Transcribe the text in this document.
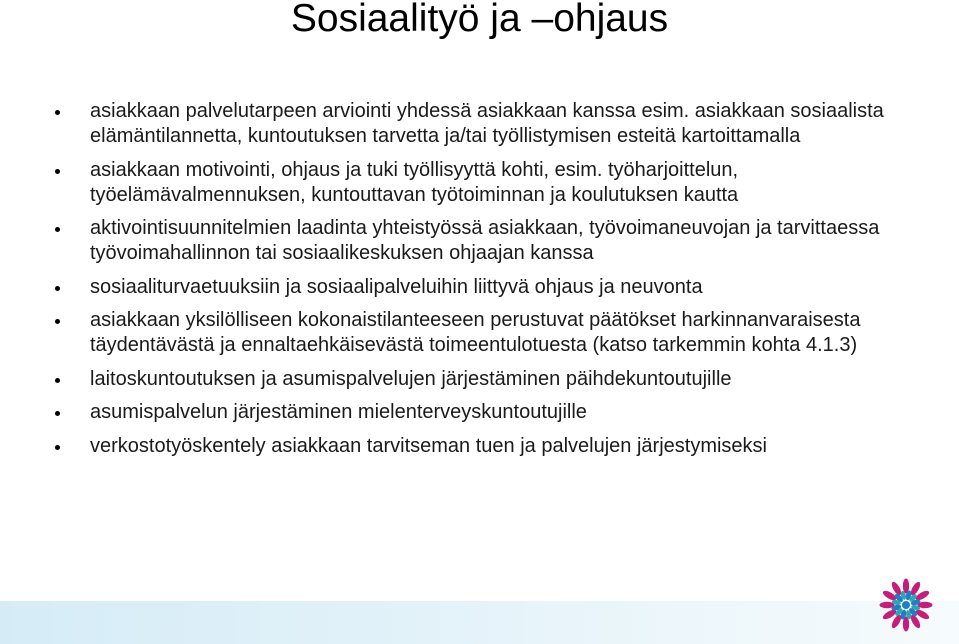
Sosiaalityö ja –ohjaus
asiakkaan palvelutarpeen arviointi yhdessä asiakkaan kanssa esim. asiakkaan sosiaalista elämäntilannetta, kuntoutuksen tarvetta ja/tai työllistymisen esteitä kartoittamalla
asiakkaan motivointi, ohjaus ja tuki työllisyyttä kohti, esim. työharjoittelun, työelämävalmennuksen, kuntouttavan työtoiminnan ja koulutuksen kautta
aktivointisuunnitelmien laadinta yhteistyössä asiakkaan, työvoimaneuvojan ja tarvittaessa työvoimahallinnon tai sosiaalikeskuksen ohjaajan kanssa
sosiaaliturvaetuuksiin ja sosiaalipalveluihin liittyvä ohjaus ja neuvonta
asiakkaan yksilölliseen kokonaistilanteeseen perustuvat päätökset harkinnanvaraisesta täydentävästä ja ennaltaehkäisevästä toimeentulotuesta (katso tarkemmin kohta 4.1.3)
laitoskuntoutuksen ja asumispalvelujen järjestäminen päihdekuntoutujille
asumispalvelun järjestäminen mielenterveyskuntoutujille
verkostotyöskentely asiakkaan tarvitseman tuen ja palvelujen järjestymiseksi
